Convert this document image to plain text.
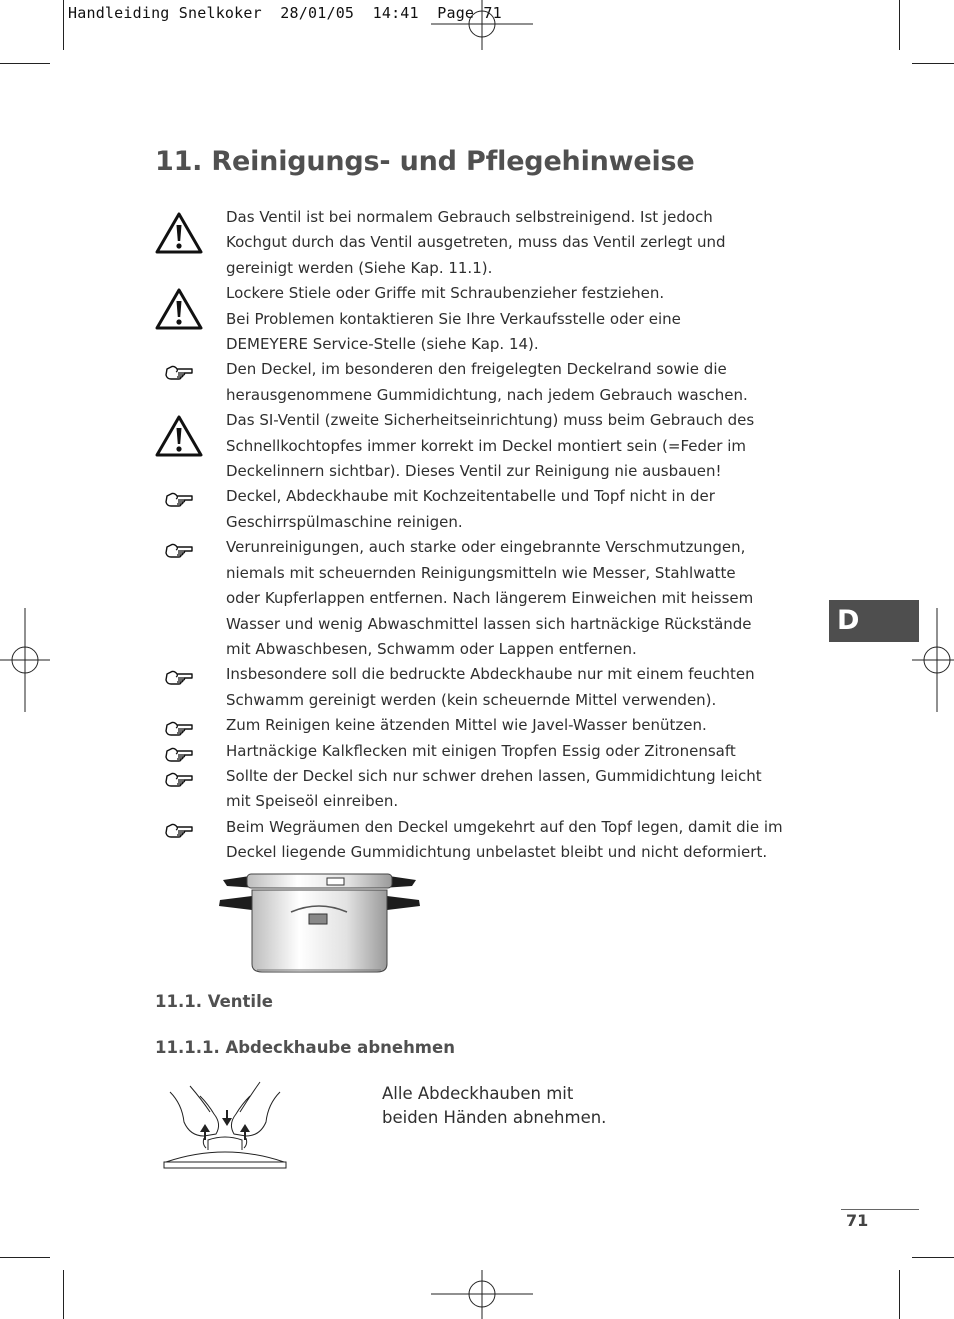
Handleiding Snelkoker  28/01/05  14:41  Page 71
11. Reinigungs- und Pflegehinweise
Das Ventil ist bei normalem Gebrauch selbstreinigend. Ist jedoch
Kochgut durch das Ventil ausgetreten, muss das Ventil zerlegt und
gereinigt werden (Siehe Kap. 11.1).
Lockere Stiele oder Griffe mit Schraubenzieher festziehen.
Bei Problemen kontaktieren Sie Ihre Verkaufsstelle oder eine
DEMEYERE Service-Stelle (siehe Kap. 14).
Den Deckel, im besonderen den freigelegten Deckelrand sowie die
herausgenommene Gummidichtung, nach jedem Gebrauch waschen.
Das SI-Ventil (zweite Sicherheitseinrichtung) muss beim Gebrauch des
Schnellkochtopfes immer korrekt im Deckel montiert sein (=Feder im
Deckelinnern sichtbar). Dieses Ventil zur Reinigung nie ausbauen!
Deckel, Abdeckhaube mit Kochzeitentabelle und Topf nicht in der
Geschirrspülmaschine reinigen.
Verunreinigungen, auch starke oder eingebrannte Verschmutzungen,
niemals mit scheuernden Reinigungsmitteln wie Messer, Stahlwatte
oder Kupferlappen entfernen. Nach längerem Einweichen mit heissem
Wasser und wenig Abwaschmittel lassen sich hartnäckige Rückstände
mit Abwaschbesen, Schwamm oder Lappen entfernen.
Insbesondere soll die bedruckte Abdeckhaube nur mit einem feuchten
Schwamm gereinigt werden (kein scheuernde Mittel verwenden).
Zum Reinigen keine ätzenden Mittel wie Javel-Wasser benützen.
Hartnäckige Kalkflecken mit einigen Tropfen Essig oder Zitronensaft
Sollte der Deckel sich nur schwer drehen lassen, Gummidichtung leicht
mit Speiseöl einreiben.
Beim Wegräumen den Deckel umgekehrt auf den Topf legen, damit die im
Deckel liegende Gummidichtung unbelastet bleibt und nicht deformiert.
11.1. Ventile
11.1.1. Abdeckhaube abnehmen
Alle Abdeckhauben mit
beiden Händen abnehmen.
D
71
